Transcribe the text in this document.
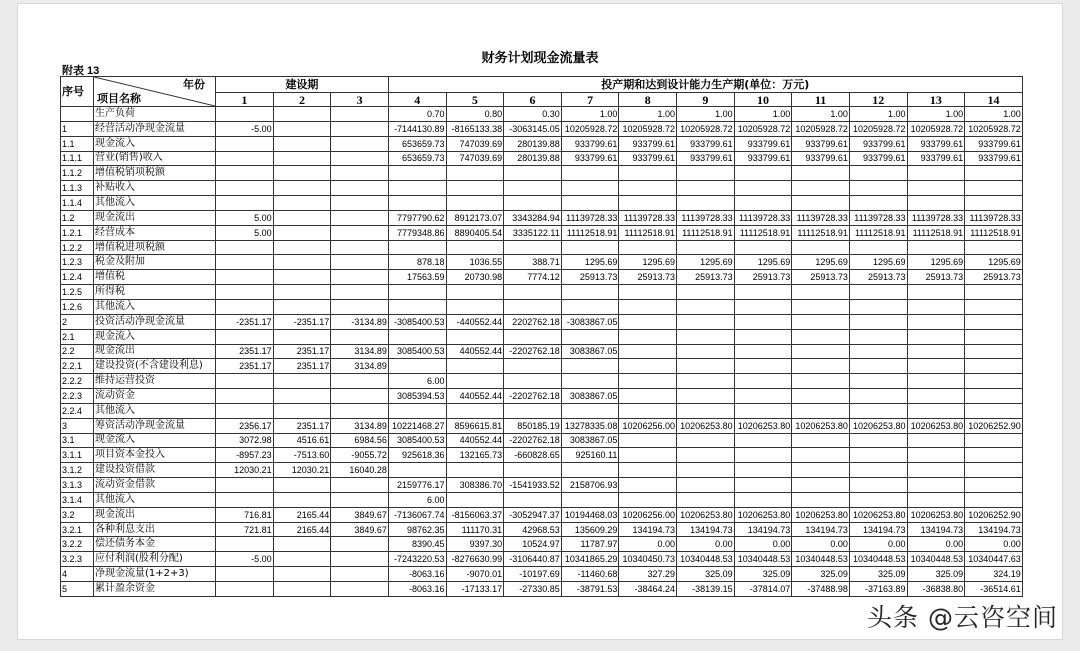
财务计划现金流量表
附表 13
序号	年份
项目名称	建设期			投产期和达到设计能力生产期(单位：万元)										
		1	2	3	4	5	6	7	8	9	10	11	12	13	14
	生产负荷				0.70	0.80	0.30	1.00	1.00	1.00	1.00	1.00	1.00	1.00	1.00
1	经营活动净现金流量	-5.00			-7144130.89	-8165133.38	-3063145.05	10205928.72	10205928.72	10205928.72	10205928.72	10205928.72	10205928.72	10205928.72	10205928.72
1.1	现金流入				653659.73	747039.69	280139.88	933799.61	933799.61	933799.61	933799.61	933799.61	933799.61	933799.61	933799.61
1.1.1	营业(销售)收入				653659.73	747039.69	280139.88	933799.61	933799.61	933799.61	933799.61	933799.61	933799.61	933799.61	933799.61
1.1.2	增值税销项税额														
1.1.3	补贴收入														
1.1.4	其他流入														
1.2	现金流出	5.00			7797790.62	8912173.07	3343284.94	11139728.33	11139728.33	11139728.33	11139728.33	11139728.33	11139728.33	11139728.33	11139728.33
1.2.1	经营成本	5.00			7779348.86	8890405.54	3335122.11	11112518.91	11112518.91	11112518.91	11112518.91	11112518.91	11112518.91	11112518.91	11112518.91
1.2.2	增值税进项税额														
1.2.3	税金及附加				878.18	1036.55	388.71	1295.69	1295.69	1295.69	1295.69	1295.69	1295.69	1295.69	1295.69
1.2.4	增值税				17563.59	20730.98	7774.12	25913.73	25913.73	25913.73	25913.73	25913.73	25913.73	25913.73	25913.73
1.2.5	所得税														
1.2.6	其他流入														
2	投资活动净现金流量	-2351.17	-2351.17	-3134.89	-3085400.53	-440552.44	2202762.18	-3083867.05							
2.1	现金流入														
2.2	现金流出	2351.17	2351.17	3134.89	3085400.53	440552.44	-2202762.18	3083867.05							
2.2.1	建设投资(不含建设利息)	2351.17	2351.17	3134.89											
2.2.2	维持运营投资				6.00										
2.2.3	流动资金				3085394.53	440552.44	-2202762.18	3083867.05							
2.2.4	其他流入														
3	筹资活动净现金流量	2356.17	2351.17	3134.89	10221468.27	8596615.81	850185.19	13278335.08	10206256.00	10206253.80	10206253.80	10206253.80	10206253.80	10206253.80	10206252.90
3.1	现金流入	3072.98	4516.61	6984.56	3085400.53	440552.44	-2202762.18	3083867.05							
3.1.1	项目资本金投入	-8957.23	-7513.60	-9055.72	925618.36	132165.73	-660828.65	925160.11							
3.1.2	建设投资借款	12030.21	12030.21	16040.28											
3.1.3	流动资金借款				2159776.17	308386.70	-1541933.52	2158706.93							
3.1.4	其他流入				6.00										
3.2	现金流出	716.81	2165.44	3849.67	-7136067.74	-8156063.37	-3052947.37	10194468.03	10206256.00	10206253.80	10206253.80	10206253.80	10206253.80	10206253.80	10206252.90
3.2.1	各种利息支出	721.81	2165.44	3849.67	98762.35	111170.31	42968.53	135609.29	134194.73	134194.73	134194.73	134194.73	134194.73	134194.73	134194.73
3.2.2	偿还债务本金				8390.45	9397.30	10524.97	11787.97	0.00	0.00	0.00	0.00	0.00	0.00	0.00
3.2.3	应付利润(股利分配)	-5.00			-7243220.53	-8276630.99	-3106440.87	10341865.29	10340450.73	10340448.53	10340448.53	10340448.53	10340448.53	10340448.53	10340447.63
4	净现金流量(1+2+3)				-8063.16	-9070.01	-10197.69	-11460.68	327.29	325.09	325.09	325.09	325.09	325.09	324.19
5	累计盈余资金				-8063.16	-17133.17	-27330.85	-38791.53	-38464.24	-38139.15	-37814.07	-37488.98	-37163.89	-36838.80	-36514.61
头条 @云咨空间
